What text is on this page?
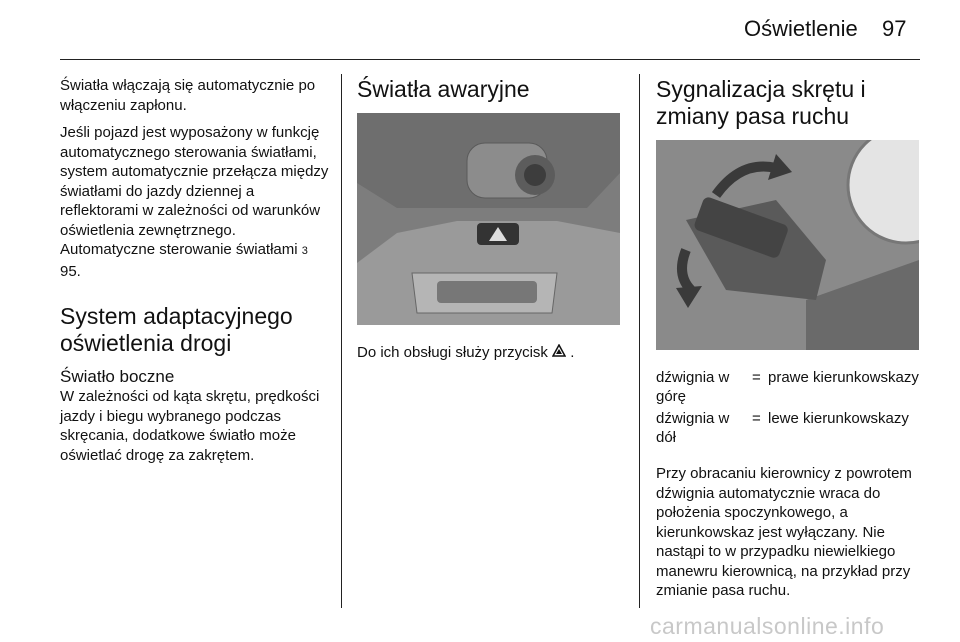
Oświetlenie 97

Światła włączają się automatycznie po włączeniu zapłonu.

Jeśli pojazd jest wyposażony w funkcję automatycznego sterowania światłami, system automatycznie przełącza między światłami do jazdy dziennej a reflektorami w zależności od warunków oświetlenia zewnętrznego. Automatyczne sterowanie światłami 3 95.

System adaptacyjnego oświetlenia drogi
Światło boczne

W zależności od kąta skrętu, prędkości jazdy i biegu wybranego podczas skręcania, dodatkowe światło może oświetlać drogę za zakrętem.

Światła awaryjne

Do ich obsługi służy przycisk  .

Sygnalizacja skrętu i zmiany pasa ruchu
dźwignia w górę	=	prawe kierunkowskazy
dźwignia w dół	=	lewe kierunkowskazy

Przy obracaniu kierownicy z powrotem dźwignia automatycznie wraca do położenia spoczynkowego, a kierunkowskaz jest wyłączany. Nie nastąpi to w przypadku niewielkiego manewru kierownicą, na przykład przy zmianie pasa ruchu.

carmanualsonline.info
